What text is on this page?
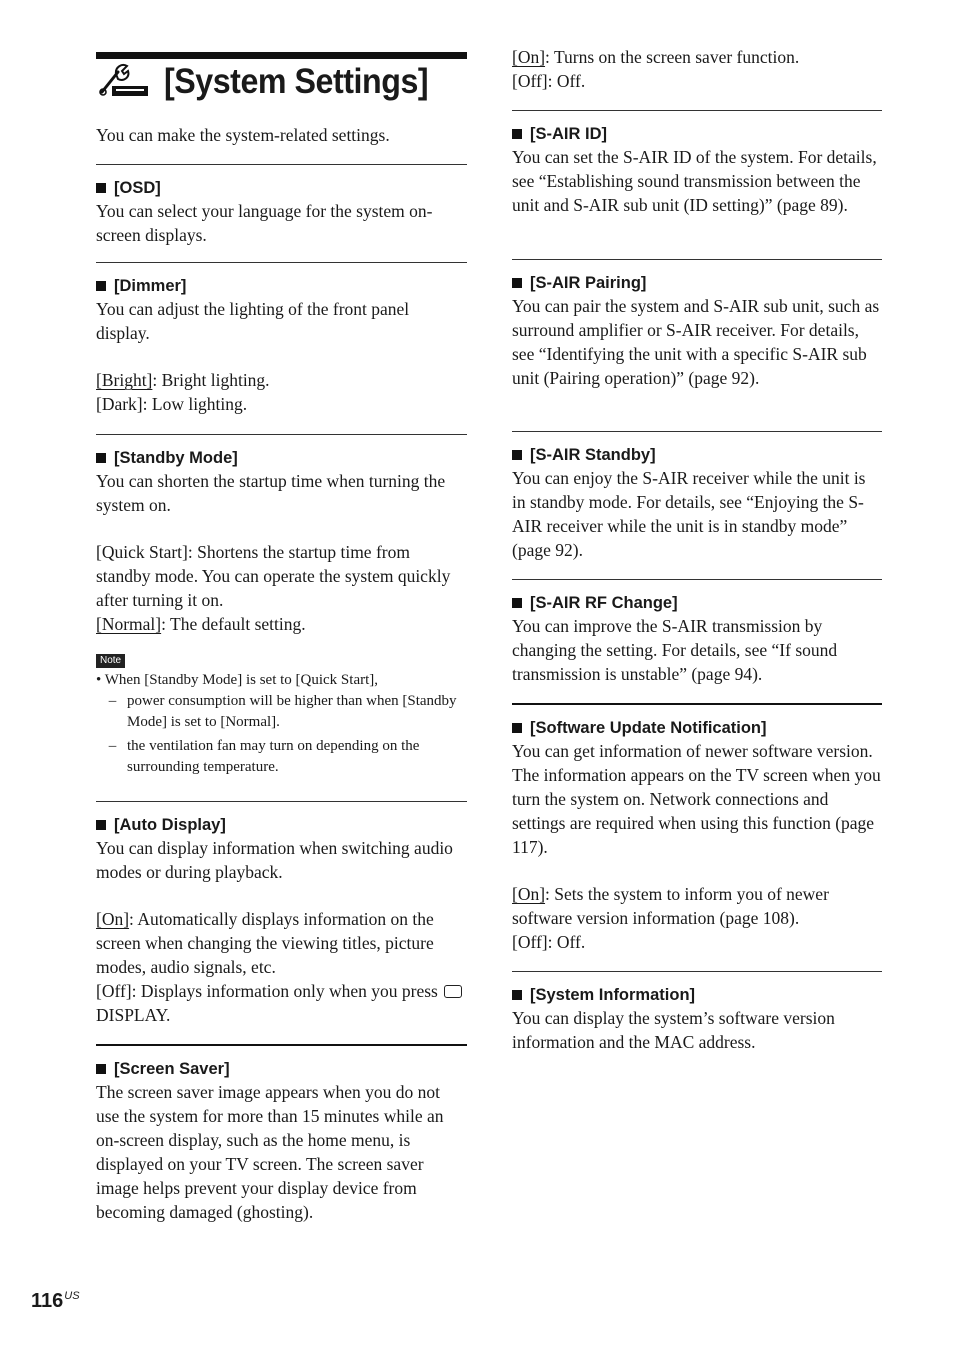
[System Settings]

You can make the system-related settings.

[OSD]

You can select your language for the system on-screen displays.

[Dimmer]

You can adjust the lighting of the front panel display.

[Bright]: Bright lighting.

[Dark]: Low lighting.

[Standby Mode]

You can shorten the startup time when turning the system on.

[Quick Start]: Shortens the startup time from standby mode. You can operate the system quickly after turning it on.

[Normal]: The default setting.

Note

• When [Standby Mode] is set to [Quick Start],

– power consumption will be higher than when [Standby Mode] is set to [Normal].
– the ventilation fan may turn on depending on the surrounding temperature.
[Auto Display]

You can display information when switching audio modes or during playback.

[On]: Automatically displays information on the screen when changing the viewing titles, picture modes, audio signals, etc.

[Off]: Displays information only when you press  DISPLAY.

[Screen Saver]

The screen saver image appears when you do not use the system for more than 15 minutes while an on-screen display, such as the home menu, is displayed on your TV screen. The screen saver image helps prevent your display device from becoming damaged (ghosting).

[On]: Turns on the screen saver function.

[Off]: Off.

[S-AIR ID]

You can set the S-AIR ID of the system. For details, see “Establishing sound transmission between the unit and S-AIR sub unit (ID setting)” (page 89).

[S-AIR Pairing]

You can pair the system and S-AIR sub unit, such as surround amplifier or S-AIR receiver. For details, see “Identifying the unit with a specific S-AIR sub unit (Pairing operation)” (page 92).

[S-AIR Standby]

You can enjoy the S-AIR receiver while the unit is in standby mode. For details, see “Enjoying the S-AIR receiver while the unit is in standby mode” (page 92).

[S-AIR RF Change]

You can improve the S-AIR transmission by changing the setting. For details, see “If sound transmission is unstable” (page 94).

[Software Update Notification]

You can get information of newer software version. The information appears on the TV screen when you turn the system on. Network connections and settings are required when using this function (page 117).

[On]: Sets the system to inform you of newer software version information (page 108).

[Off]: Off.

[System Information]

You can display the system’s software version information and the MAC address.

$116^{US}$
